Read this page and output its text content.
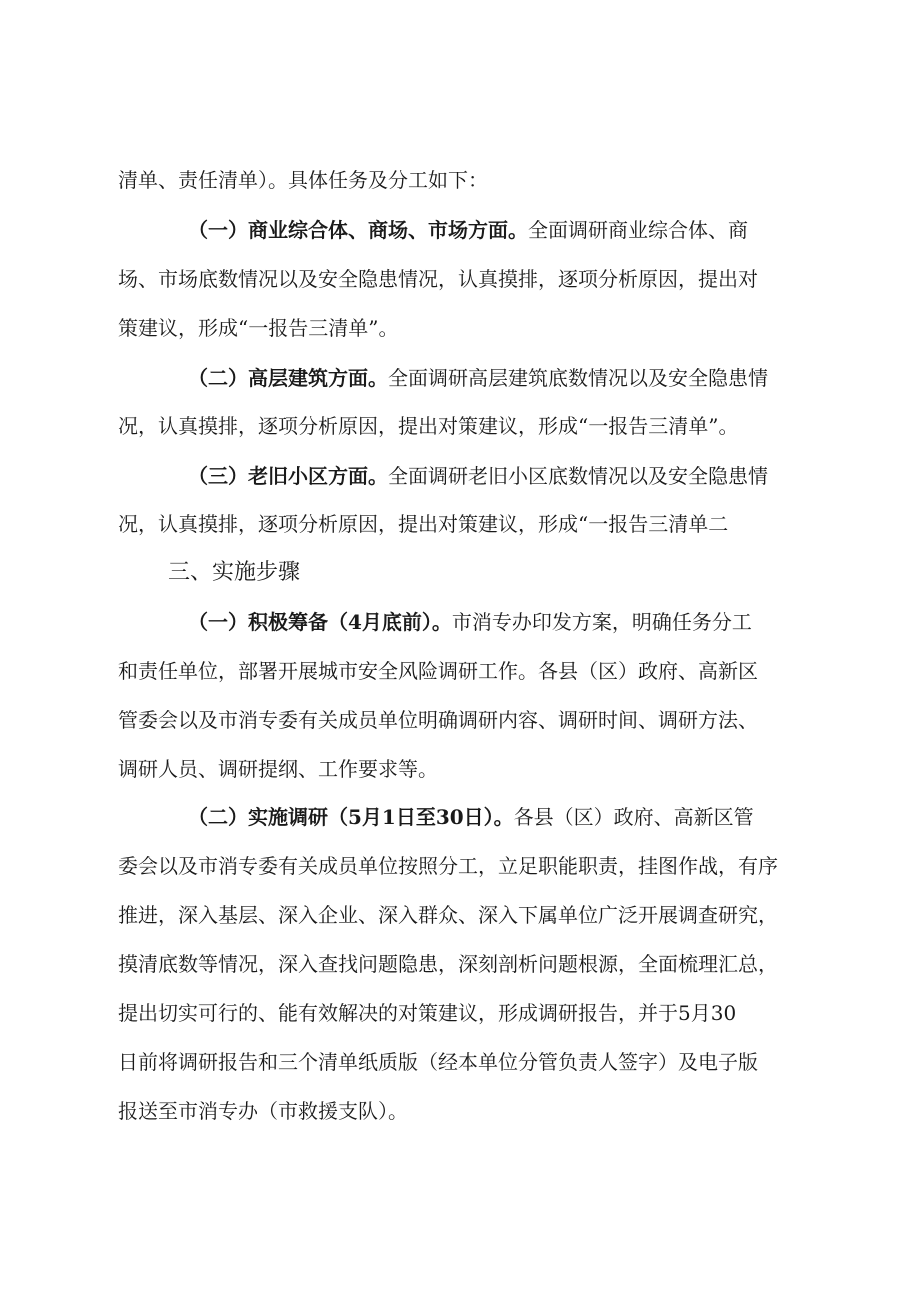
清单、责任清单）。具体任务及分工如下：
（一）商业综合体、商场、市场方面。全面调研商业综合体、商
场、市场底数情况以及安全隐患情况，认真摸排，逐项分析原因，提出对
策建议，形成“一报告三清单”。
（二）高层建筑方面。全面调研高层建筑底数情况以及安全隐患情
况，认真摸排，逐项分析原因，提出对策建议，形成“一报告三清单”。
（三）老旧小区方面。全面调研老旧小区底数情况以及安全隐患情
况，认真摸排，逐项分析原因，提出对策建议，形成“一报告三清单二
三、实施步骤
（一）积极筹备（4月底前）。市消专办印发方案，明确任务分工
和责任单位，部署开展城市安全风险调研工作。各县（区）政府、高新区
管委会以及市消专委有关成员单位明确调研内容、调研时间、调研方法、
调研人员、调研提纲、工作要求等。
（二）实施调研（5月1日至30日）。各县（区）政府、高新区管
委会以及市消专委有关成员单位按照分工，立足职能职责，挂图作战，有序
推进，深入基层、深入企业、深入群众、深入下属单位广泛开展调查研究，
摸清底数等情况，深入查找问题隐患，深刻剖析问题根源，全面梳理汇总，
提出切实可行的、能有效解决的对策建议，形成调研报告，并于5月30
日前将调研报告和三个清单纸质版（经本单位分管负责人签字）及电子版
报送至市消专办（市救援支队）。
